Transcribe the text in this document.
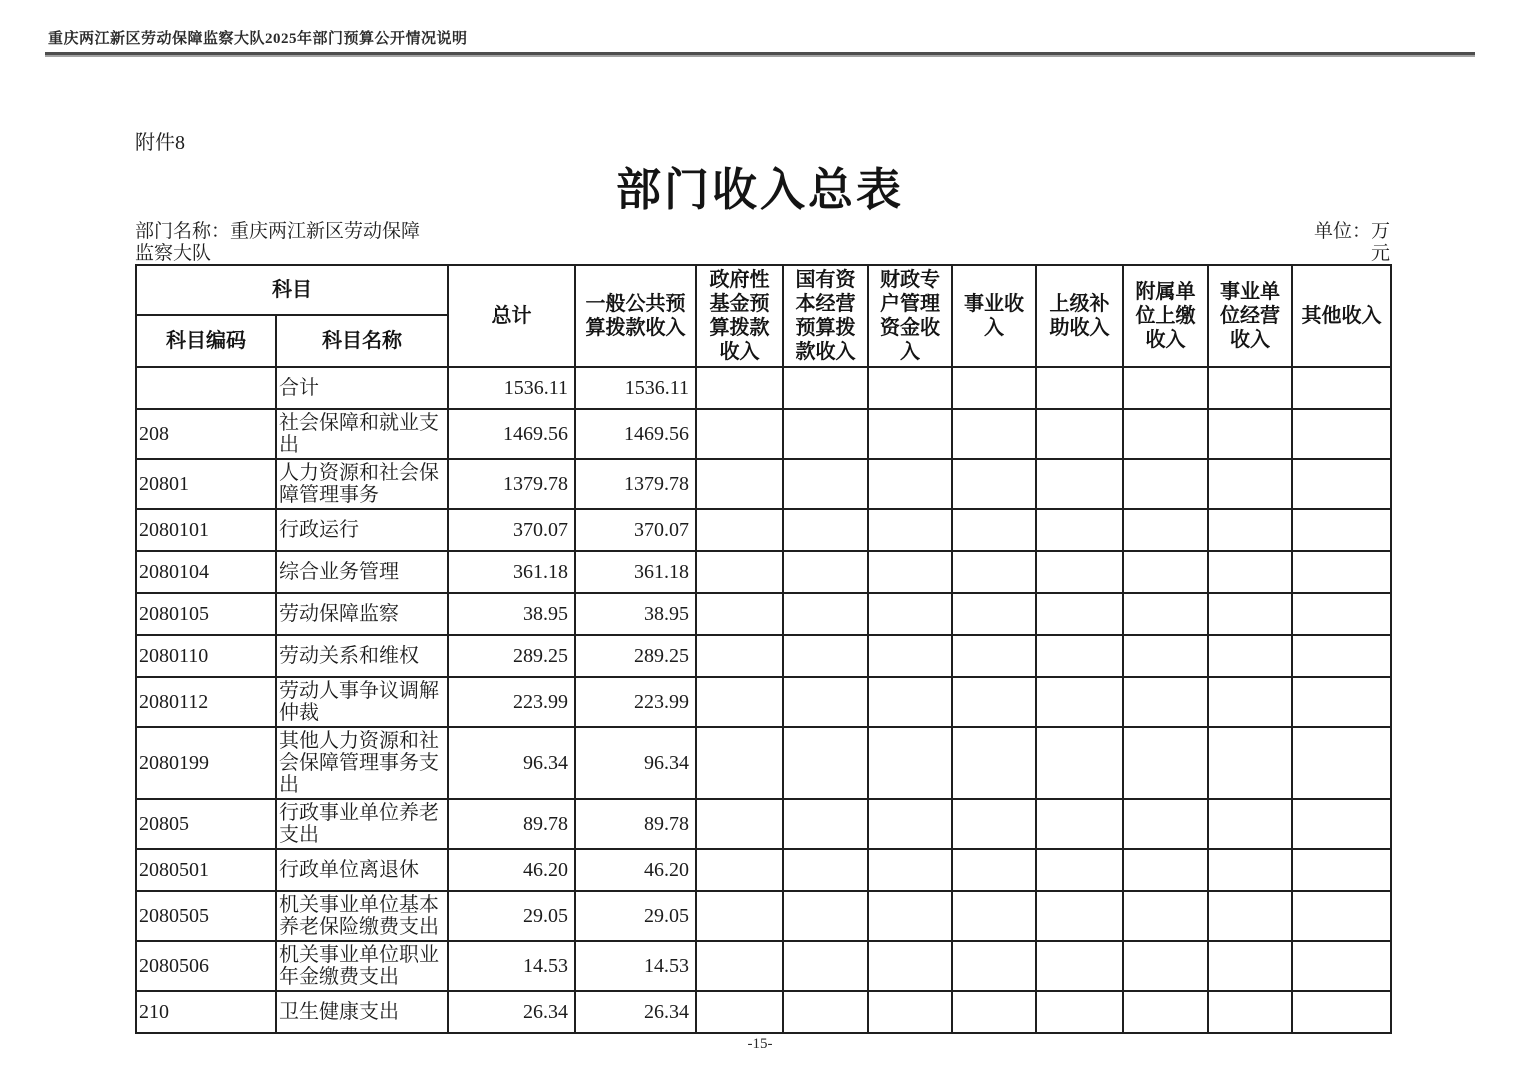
重庆两江新区劳动保障监察大队2025年部门预算公开情况说明
附件8
部门收入总表
部门名称：重庆两江新区劳动保障监察大队
单位：万元
科目		总计	一般公共预算拨款收入	政府性基金预算拨款收入	国有资本经营预算拨款收入	财政专户管理资金收入	事业收入	上级补助收入	附属单位上缴收入	事业单位经营收入	其他收入
科目编码	科目名称										
	合计	1536.11	1536.11								
208	社会保障和就业支出	1469.56	1469.56								
20801	人力资源和社会保障管理事务	1379.78	1379.78								
2080101	行政运行	370.07	370.07								
2080104	综合业务管理	361.18	361.18								
2080105	劳动保障监察	38.95	38.95								
2080110	劳动关系和维权	289.25	289.25								
2080112	劳动人事争议调解仲裁	223.99	223.99								
2080199	其他人力资源和社会保障管理事务支出	96.34	96.34								
20805	行政事业单位养老支出	89.78	89.78								
2080501	行政单位离退休	46.20	46.20								
2080505	机关事业单位基本养老保险缴费支出	29.05	29.05								
2080506	机关事业单位职业年金缴费支出	14.53	14.53								
210	卫生健康支出	26.34	26.34								
-15-
